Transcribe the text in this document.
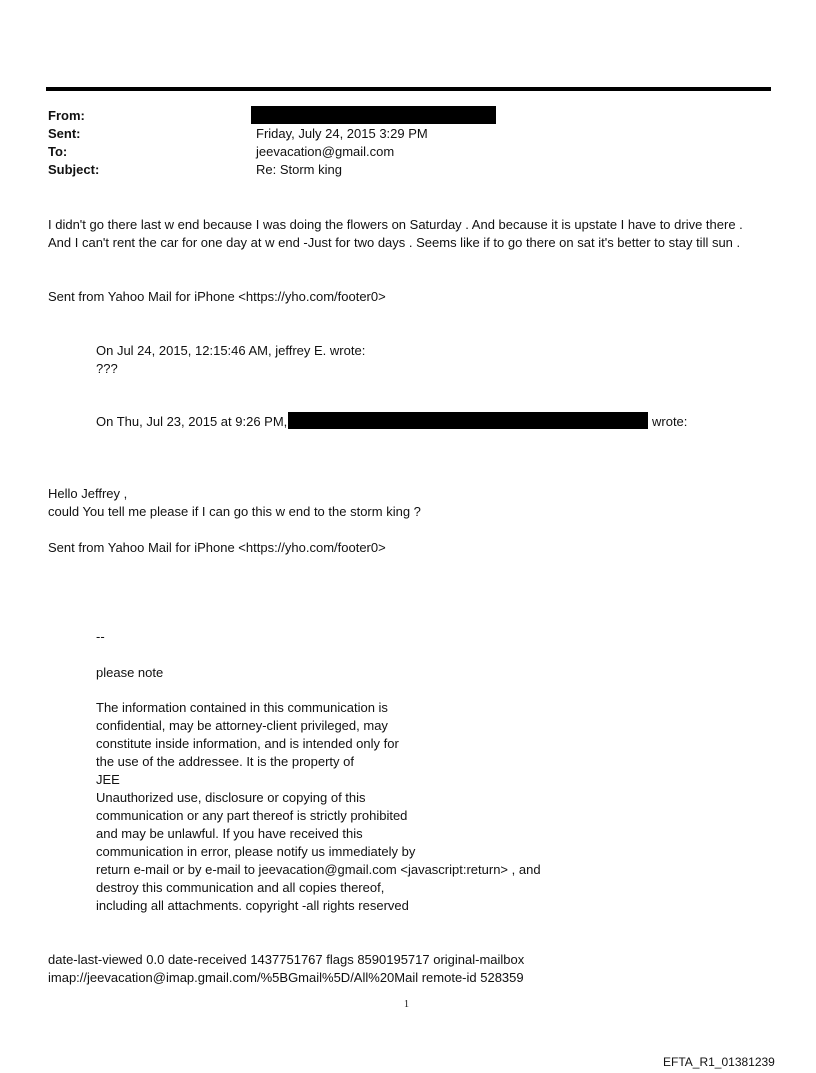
From:
Sent:
To:
Subject:
Friday, July 24, 2015 3:29 PM
jeevacation@gmail.com
Re: Storm king
I didn't go there last w end because I was doing the flowers on Saturday . And because it is upstate I have to drive there .
And I can't rent the car for one day at w end -Just for two days . Seems like if to go there on sat it's better to stay till sun .
Sent from Yahoo Mail for iPhone <https://yho.com/footer0>
On Jul 24, 2015, 12:15:46 AM, jeffrey E. wrote:
???
On Thu, Jul 23, 2015 at 9:26 PM,	wrote:
Hello Jeffrey ,
could You tell me please if I can go this w end to the storm king ?
Sent from Yahoo Mail for iPhone <https://yho.com/footer0>
--
please note
The information contained in this communication is
confidential, may be attorney-client privileged, may
constitute inside information, and is intended only for
the use of the addressee. It is the property of
JEE
Unauthorized use, disclosure or copying of this
communication or any part thereof is strictly prohibited
and may be unlawful. If you have received this
communication in error, please notify us immediately by
return e-mail or by e-mail to jeevacation@gmail.com <javascript:return> , and
destroy this communication and all copies thereof,
including all attachments. copyright -all rights reserved
date-last-viewed 0.0 date-received 1437751767 flags 8590195717 original-mailbox
imap://jeevacation@imap.gmail.com/%5BGmail%5D/All%20Mail remote-id 528359
1
EFTA_R1_01381239
